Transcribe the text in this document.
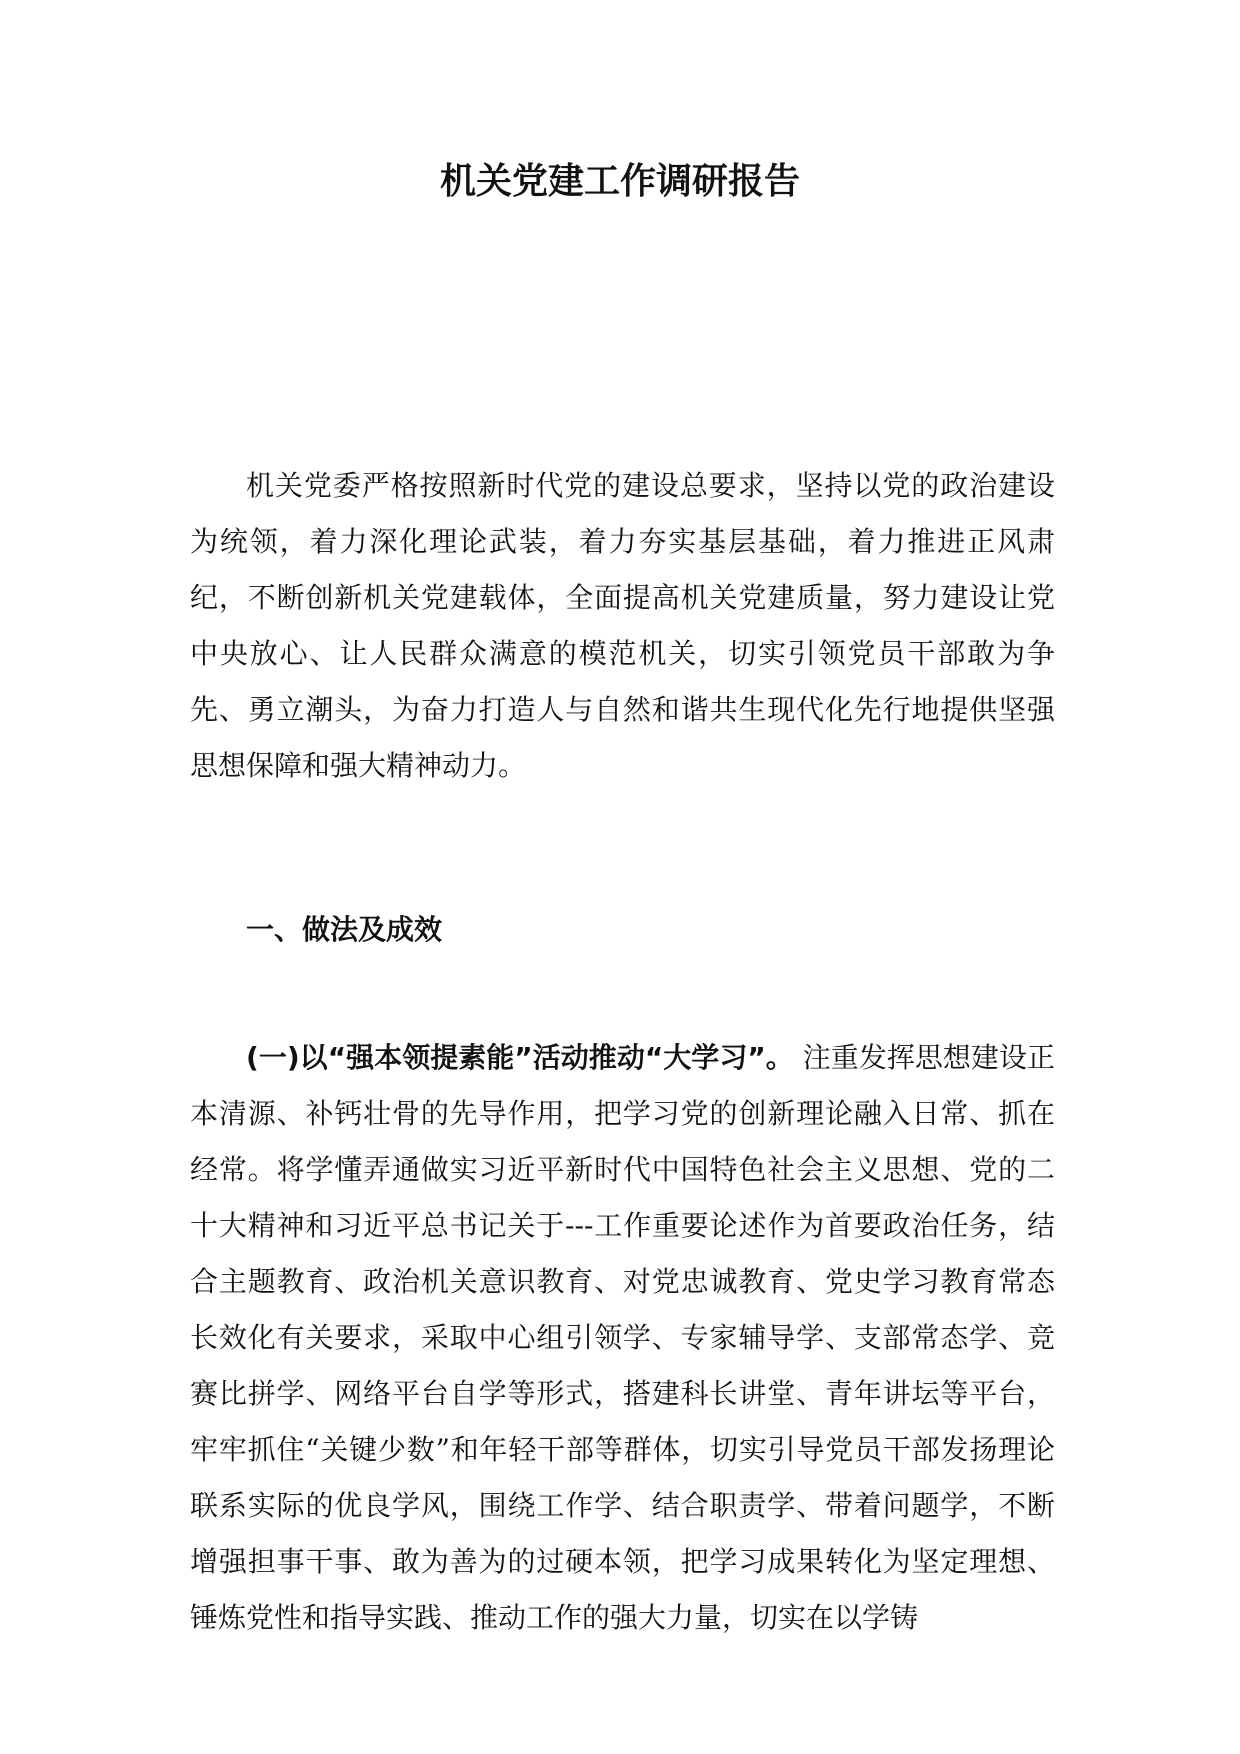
机关党建工作调研报告

机关党委严格按照新时代党的建设总要求，坚持以党的政治建设为统领，着力深化理论武装，着力夯实基层基础，着力推进正风肃纪，不断创新机关党建载体，全面提高机关党建质量，努力建设让党中央放心、让人民群众满意的模范机关，切实引领党员干部敢为争先、勇立潮头，为奋力打造人与自然和谐共生现代化先行地提供坚强思想保障和强大精神动力。

一、做法及成效

(一)以“强本领提素能”活动推动“大学习”。 注重发挥思想建设正本清源、补钙壮骨的先导作用，把学习党的创新理论融入日常、抓在经常。将学懂弄通做实习近平新时代中国特色社会主义思想、党的二十大精神和习近平总书记关于---工作重要论述作为首要政治任务，结合主题教育、政治机关意识教育、对党忠诚教育、党史学习教育常态长效化有关要求，采取中心组引领学、专家辅导学、支部常态学、竞赛比拼学、网络平台自学等形式，搭建科长讲堂、青年讲坛等平台，牢牢抓住“关键少数”和年轻干部等群体，切实引导党员干部发扬理论联系实际的优良学风，围绕工作学、结合职责学、带着问题学，不断增强担事干事、敢为善为的过硬本领，把学习成果转化为坚定理想、锤炼党性和指导实践、推动工作的强大力量，切实在以学铸
